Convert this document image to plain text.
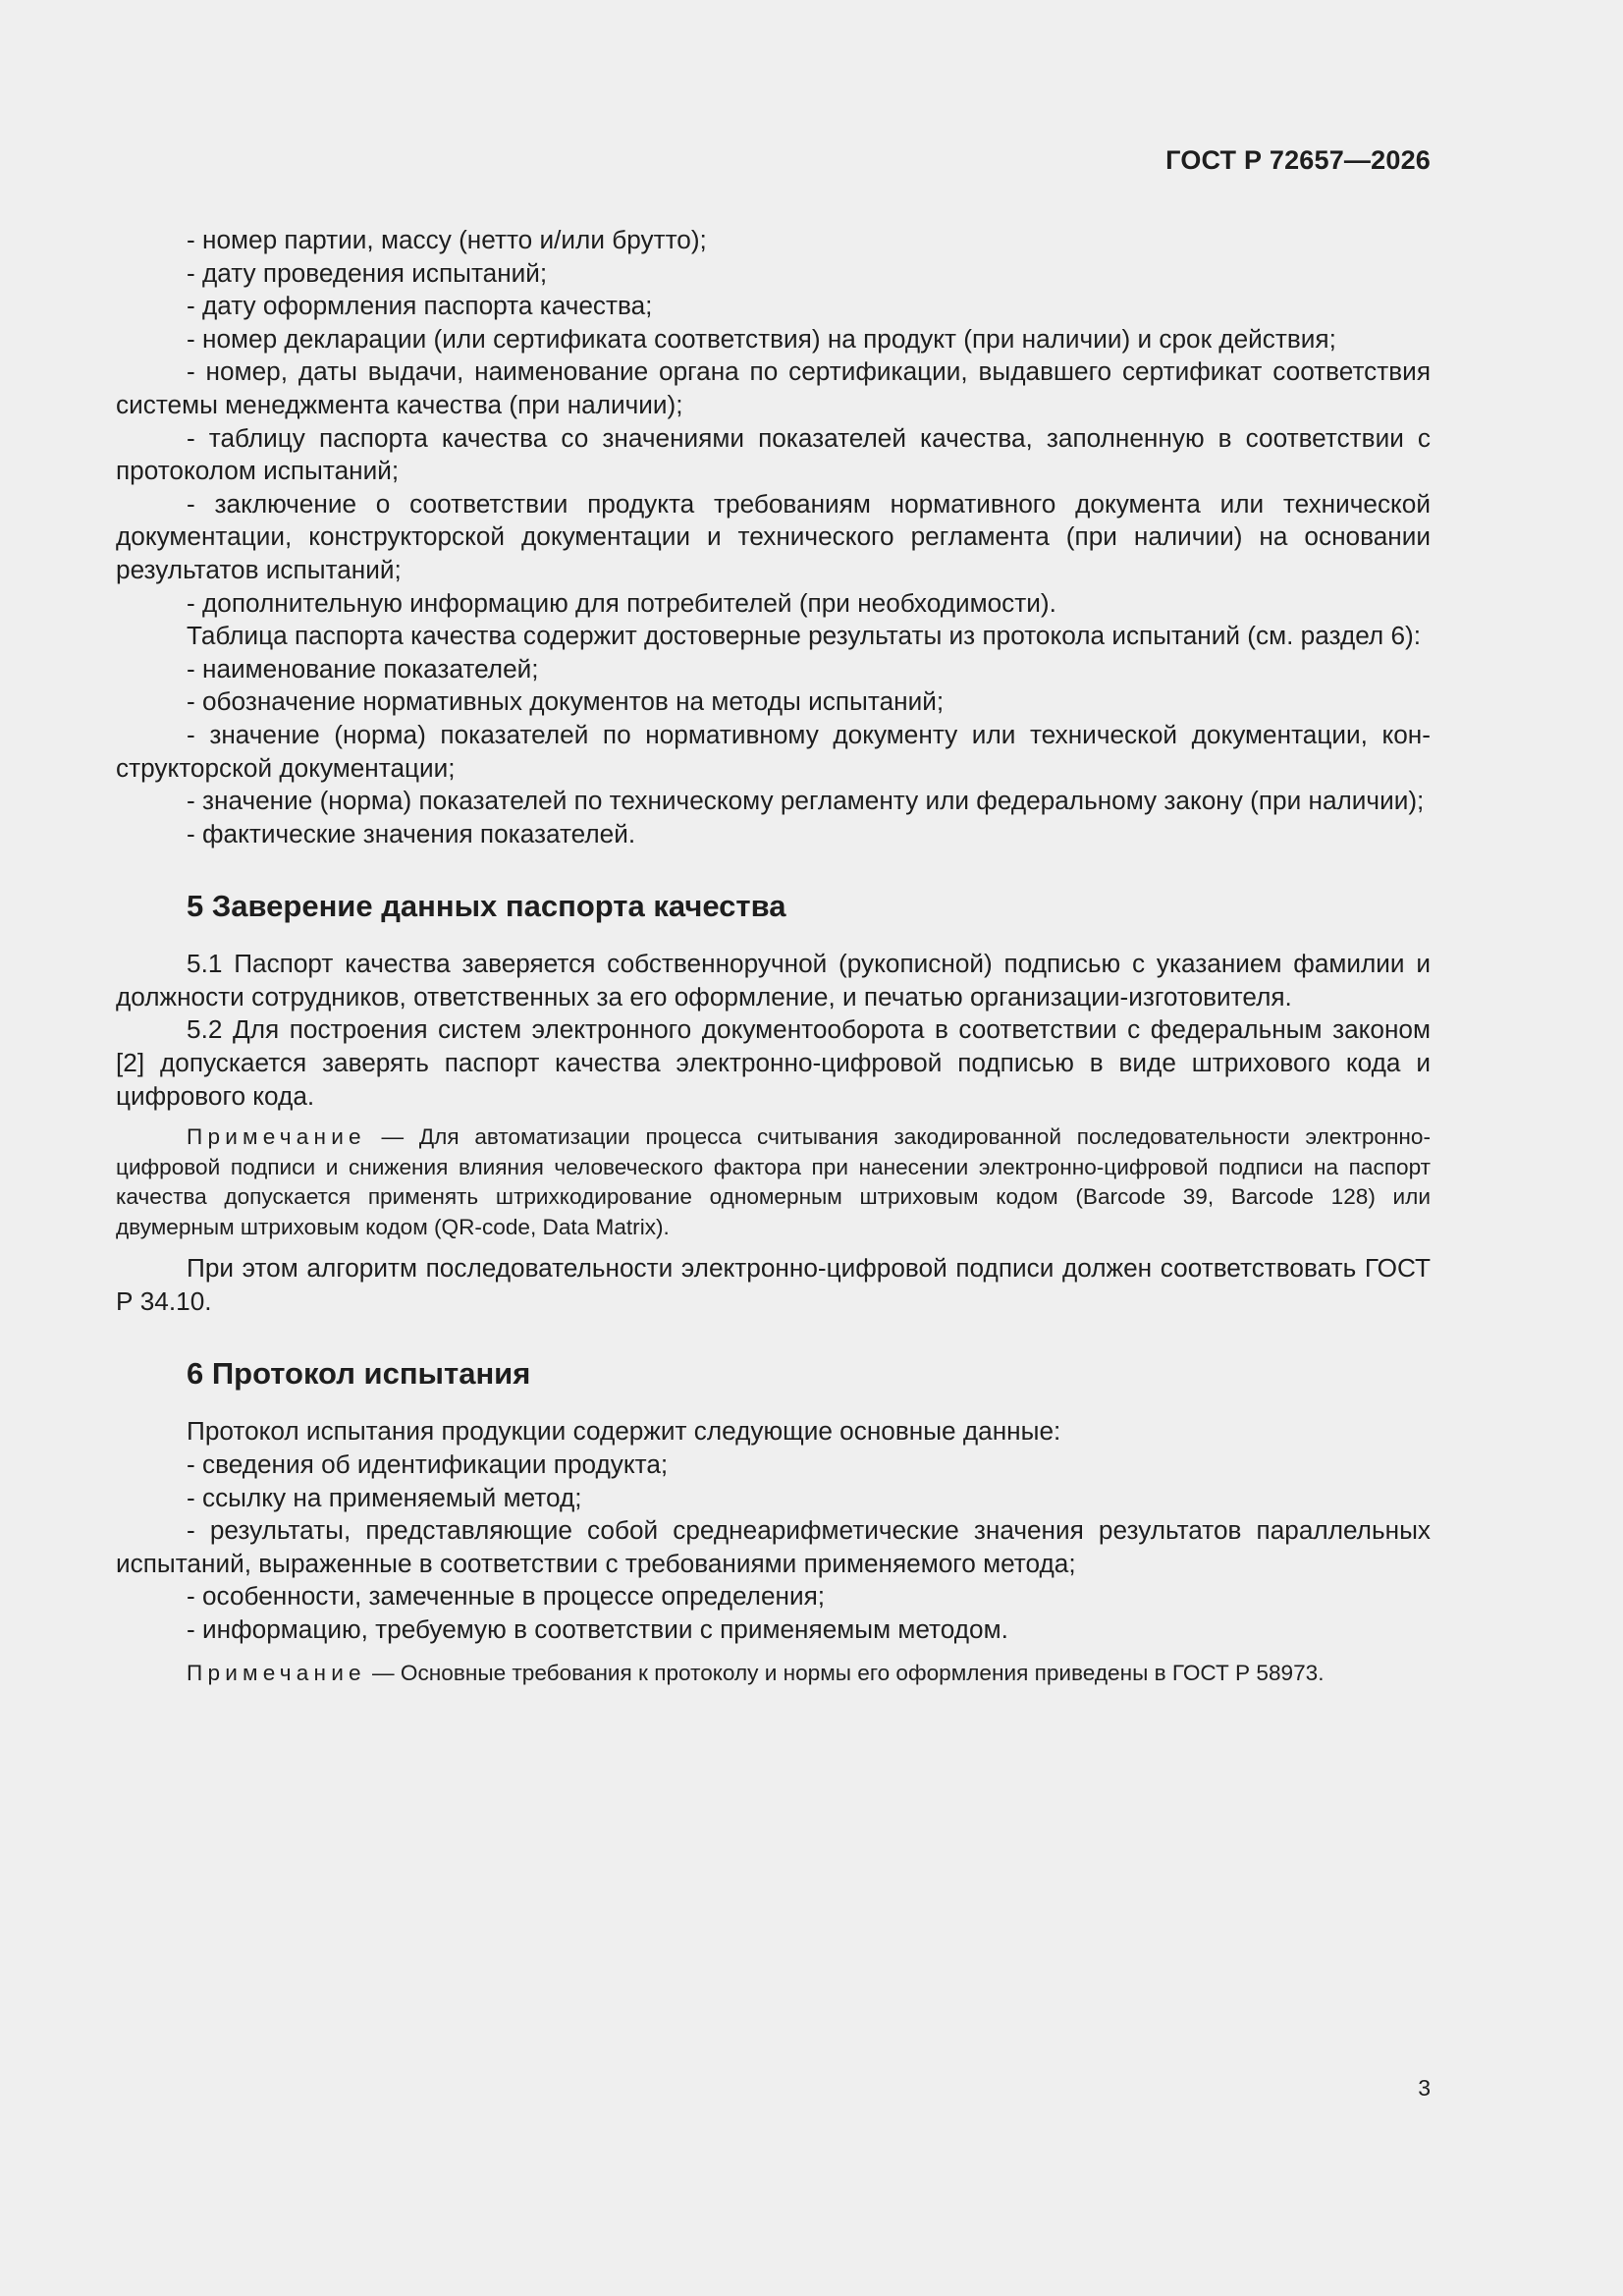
ГОСТ Р 72657—2026

- номер партии, массу (нетто и/или брутто);

- дату проведения испытаний;

- дату оформления паспорта качества;

- номер декларации (или сертификата соответствия) на продукт (при наличии) и срок действия;

- номер, даты выдачи, наименование органа по сертификации, выдавшего сертификат соответствия системы менеджмента качества (при наличии);

- таблицу паспорта качества со значениями показателей качества, заполненную в соответствии с протоколом испытаний;

- заключение о соответствии продукта требованиям нормативного документа или технической документации, конструкторской документации и технического регламента (при наличии) на основании результатов испытаний;

- дополнительную информацию для потребителей (при необходимости).

Таблица паспорта качества содержит достоверные результаты из протокола испытаний (см. раздел 6):

- наименование показателей;

- обозначение нормативных документов на методы испытаний;

- значение (норма) показателей по нормативному документу или технической документации, конструкторской документации;

- значение (норма) показателей по техническому регламенту или федеральному закону (при наличии);

- фактические значения показателей.

5 Заверение данных паспорта качества

5.1 Паспорт качества заверяется собственноручной (рукописной) подписью с указанием фамилии и должности сотрудников, ответственных за его оформление, и печатью организации-изготовителя.

5.2 Для построения систем электронного документооборота в соответствии с федеральным законом [2] допускается заверять паспорт качества электронно-цифровой подписью в виде штрихового кода и цифрового кода.

Примечание — Для автоматизации процесса считывания закодированной последовательности электронно-цифровой подписи и снижения влияния человеческого фактора при нанесении электронно-цифровой подписи на паспорт качества допускается применять штрихкодирование одномерным штриховым кодом (Barcode 39, Barcode 128) или двумерным штриховым кодом (QR-code, Data Matrix).

При этом алгоритм последовательности электронно-цифровой подписи должен соответствовать ГОСТ Р 34.10.

6 Протокол испытания

Протокол испытания продукции содержит следующие основные данные:

- сведения об идентификации продукта;

- ссылку на применяемый метод;

- результаты, представляющие собой среднеарифметические значения результатов параллельных испытаний, выраженные в соответствии с требованиями применяемого метода;

- особенности, замеченные в процессе определения;

- информацию, требуемую в соответствии с применяемым методом.

Примечание — Основные требования к протоколу и нормы его оформления приведены в ГОСТ Р 58973.

3
